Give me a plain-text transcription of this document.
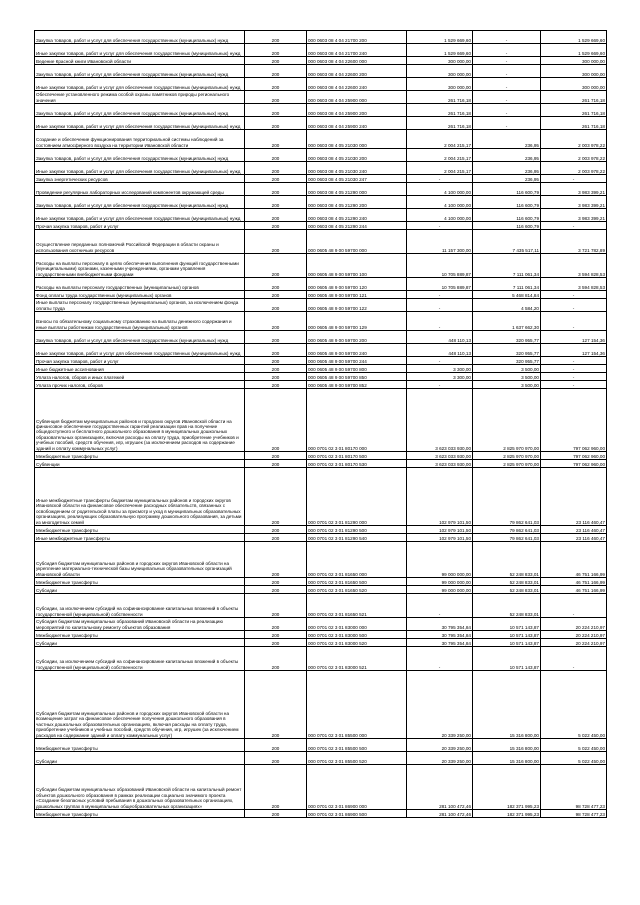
Закупка товаров, работ и услуг для обеспечения государственных (муниципальных) нужд	200	000 0603 08 4 04 21700 200	1 529 669,60	-	1 529 669,60
Иные закупки товаров, работ и услуг для обеспечения государственных (муниципальных) нужд	200	000 0603 08 4 04 21700 240	1 529 669,60	-	1 529 669,60
Ведение Красной книги Ивановской области	200	000 0603 08 4 04 22600 000	300 000,00	-	300 000,00
Закупка товаров, работ и услуг для обеспечения государственных (муниципальных) нужд	200	000 0603 08 4 04 22600 200	300 000,00	-	300 000,00
Иные закупки товаров, работ и услуг для обеспечения государственных (муниципальных) нужд	200	000 0603 08 4 04 22600 240	300 000,00	-	300 000,00
Обеспечение установленного режима особой охраны памятников природы регионального значения	200	000 0603 08 4 04 25900 000	261 716,18	-	261 716,18
Закупка товаров, работ и услуг для обеспечения государственных (муниципальных) нужд	200	000 0603 08 4 04 25900 200	261 716,18	-	261 716,18
Иные закупки товаров, работ и услуг для обеспечения государственных (муниципальных) нужд	200	000 0603 08 4 04 25900 240	261 716,18	-	261 716,18
Создание и обеспечение функционирования территориальной системы наблюдений за состоянием атмосферного воздуха на территории Ивановской области	200	000 0603 08 4 05 21030 000	2 004 215,17	236,95	2 003 978,22
Закупка товаров, работ и услуг для обеспечения государственных (муниципальных) нужд	200	000 0603 08 4 05 21030 200	2 004 215,17	236,95	2 003 978,22
Иные закупки товаров, работ и услуг для обеспечения государственных (муниципальных) нужд	200	000 0603 08 4 05 21030 240	2 004 215,17	236,95	2 003 978,22
Закупка энергетических ресурсов	200	000 0603 08 4 05 21030 247	-	236,95	-
Проведение регулярных лабораторных исследований компонентов окружающей среды	200	000 0603 08 4 05 21290 000	4 100 000,00	116 600,79	3 983 399,21
Закупка товаров, работ и услуг для обеспечения государственных (муниципальных) нужд	200	000 0603 08 4 05 21290 200	4 100 000,00	116 600,79	3 983 399,21
Иные закупки товаров, работ и услуг для обеспечения государственных (муниципальных) нужд	200	000 0603 08 4 05 21290 240	4 100 000,00	116 600,79	3 983 399,21
Прочая закупка товаров, работ и услуг	200	000 0603 08 4 05 21290 244	-	116 600,79	-
Осуществление переданных полномочий Российской Федерации в области охраны и использования охотничьих ресурсов	200	000 0605 48 9 00 59700 000	11 157 300,00	7 435 517,11	3 721 782,89
Расходы на выплаты персоналу в целях обеспечения выполнения функций государственными (муниципальными) органами, казенными учреждениями, органами управления государственными внебюджетными фондами	200	000 0605 48 9 00 59700 100	10 705 889,87	7 111 061,34	3 594 828,53
Расходы на выплаты персоналу государственных (муниципальных) органов	200	000 0605 48 9 00 59700 120	10 705 889,87	7 111 061,34	3 594 828,53
Фонд оплаты труда государственных (муниципальных) органов	200	000 0605 48 9 00 59700 121	-	5 468 814,84	-
Иные выплаты персоналу государственных (муниципальных) органов, за исключением фонда оплаты труда	200	000 0605 48 9 00 59700 122	-	4 584,20	-
Взносы по обязательному социальному страхованию на выплаты денежного содержания и иные выплаты работникам государственных (муниципальных) органов	200	000 0605 48 9 00 59700 129	-	1 637 662,30	-
Закупка товаров, работ и услуг для обеспечения государственных (муниципальных) нужд	200	000 0605 48 9 00 59700 200	448 110,13	320 955,77	127 154,36
Иные закупки товаров, работ и услуг для обеспечения государственных (муниципальных) нужд	200	000 0605 48 9 00 59700 240	448 110,13	320 955,77	127 154,36
Прочая закупка товаров, работ и услуг	200	000 0605 48 9 00 59700 244	-	320 955,77	-
Иные бюджетные ассигнования	200	000 0605 48 9 00 59700 800	3 300,00	3 500,00	-
Уплата налогов, сборов и иных платежей	200	000 0605 48 9 00 59700 850	3 300,00	3 500,00	-
Уплата прочих налогов, сборов	200	000 0605 48 9 00 59700 852	-	3 500,00	-
Субвенция бюджетам муниципальных районов и городских округов Ивановской области на финансовое обеспечение государственных гарантий реализации прав на получение общедоступного и бесплатного дошкольного образования в муниципальных дошкольных образовательных организациях, включая расходы на оплату труда, приобретение учебников и учебных пособий, средств обучения, игр, игрушек (за исключением расходов на содержание зданий и оплату коммунальных услуг)	200	000 0701 02 3 01 80170 000	3 623 033 930,00	2 825 970 970,00	797 062 960,00
Межбюджетные трансферты	200	000 0701 02 3 01 80170 500	3 623 033 930,00	2 825 970 970,00	797 062 960,00
Субвенции	200	000 0701 02 3 01 80170 530	3 623 033 930,00	2 825 970 970,00	797 062 960,00
Иные межбюджетные трансферты бюджетам муниципальных районов и городских округов Ивановской области на финансовое обеспечение расходных обязательств, связанных с освобождением от родительской платы за присмотр и уход в муниципальных образовательных организациях, реализующих образовательную программу дошкольного образования, за детьми из многодетных семей	200	000 0701 02 3 01 81290 000	102 979 101,50	79 862 641,03	23 116 460,47
Межбюджетные трансферты	200	000 0701 02 3 01 81290 500	102 979 101,50	79 862 641,03	23 116 460,47
Иные межбюджетные трансферты	200	000 0701 02 3 01 81290 540	102 979 101,50	79 862 641,03	23 116 460,47
Субсидия бюджетам муниципальных районов и городских округов Ивановской области на укрепление материально-технической базы муниципальных образовательных организаций Ивановской области	200	000 0701 02 3 01 81650 000	99 000 000,00	52 248 833,01	46 751 166,99
Межбюджетные трансферты	200	000 0701 02 3 01 81650 500	99 000 000,00	52 248 833,01	46 751 166,99
Субсидии	200	000 0701 02 3 01 81650 520	99 000 000,00	52 248 833,01	46 751 166,99
Субсидии, за исключением субсидий на софинансирование капитальных вложений в объекты государственной (муниципальной) собственности	200	000 0701 02 3 01 81650 521	-	52 248 833,01	-
Субсидия бюджетам муниципальных образований Ивановской области на реализацию мероприятий по капитальному ремонту объектов образования	200	000 0701 02 3 01 83000 000	30 795 354,84	10 571 143,87	20 224 210,97
Межбюджетные трансферты	200	000 0701 02 3 01 83000 500	30 795 354,84	10 571 143,87	20 224 210,97
Субсидии	200	000 0701 02 3 01 83000 520	30 795 354,84	10 571 143,87	20 224 210,97
Субсидии, за исключением субсидий на софинансирование капитальных вложений в объекты государственной (муниципальной) собственности	200	000 0701 02 3 01 83000 521	-	10 571 143,87	-
Субсидия бюджетам муниципальных районов и городских округов Ивановской области на возмещение затрат на финансовое обеспечение получения дошкольного образования в частных дошкольных образовательных организациях, включая расходы на оплату труда, приобретение учебников и учебных пособий, средств обучения, игр, игрушек (за исключением расходов на содержание зданий и оплату коммунальных услуг)	200	000 0701 02 3 01 85500 000	20 339 250,00	15 316 800,00	5 022 450,00
Межбюджетные трансферты	200	000 0701 02 3 01 85500 500	20 339 250,00	15 316 800,00	5 022 450,00
Субсидии	200	000 0701 02 3 01 85500 520	20 339 250,00	15 316 800,00	5 022 450,00
Субсидии бюджетам муниципальных образований Ивановской области на капитальный ремонт объектов дошкольного образования в рамках реализации социально значимого проекта «Создание безопасных условий пребывания в дошкольных образовательных организациях, дошкольных группах в муниципальных общеобразовательных организациях»	200	000 0701 02 3 01 86900 000	281 100 472,46	182 371 995,23	98 728 477,23
Межбюджетные трансферты	200	000 0701 02 3 01 86900 500	281 100 472,46	182 371 995,23	98 728 477,23
